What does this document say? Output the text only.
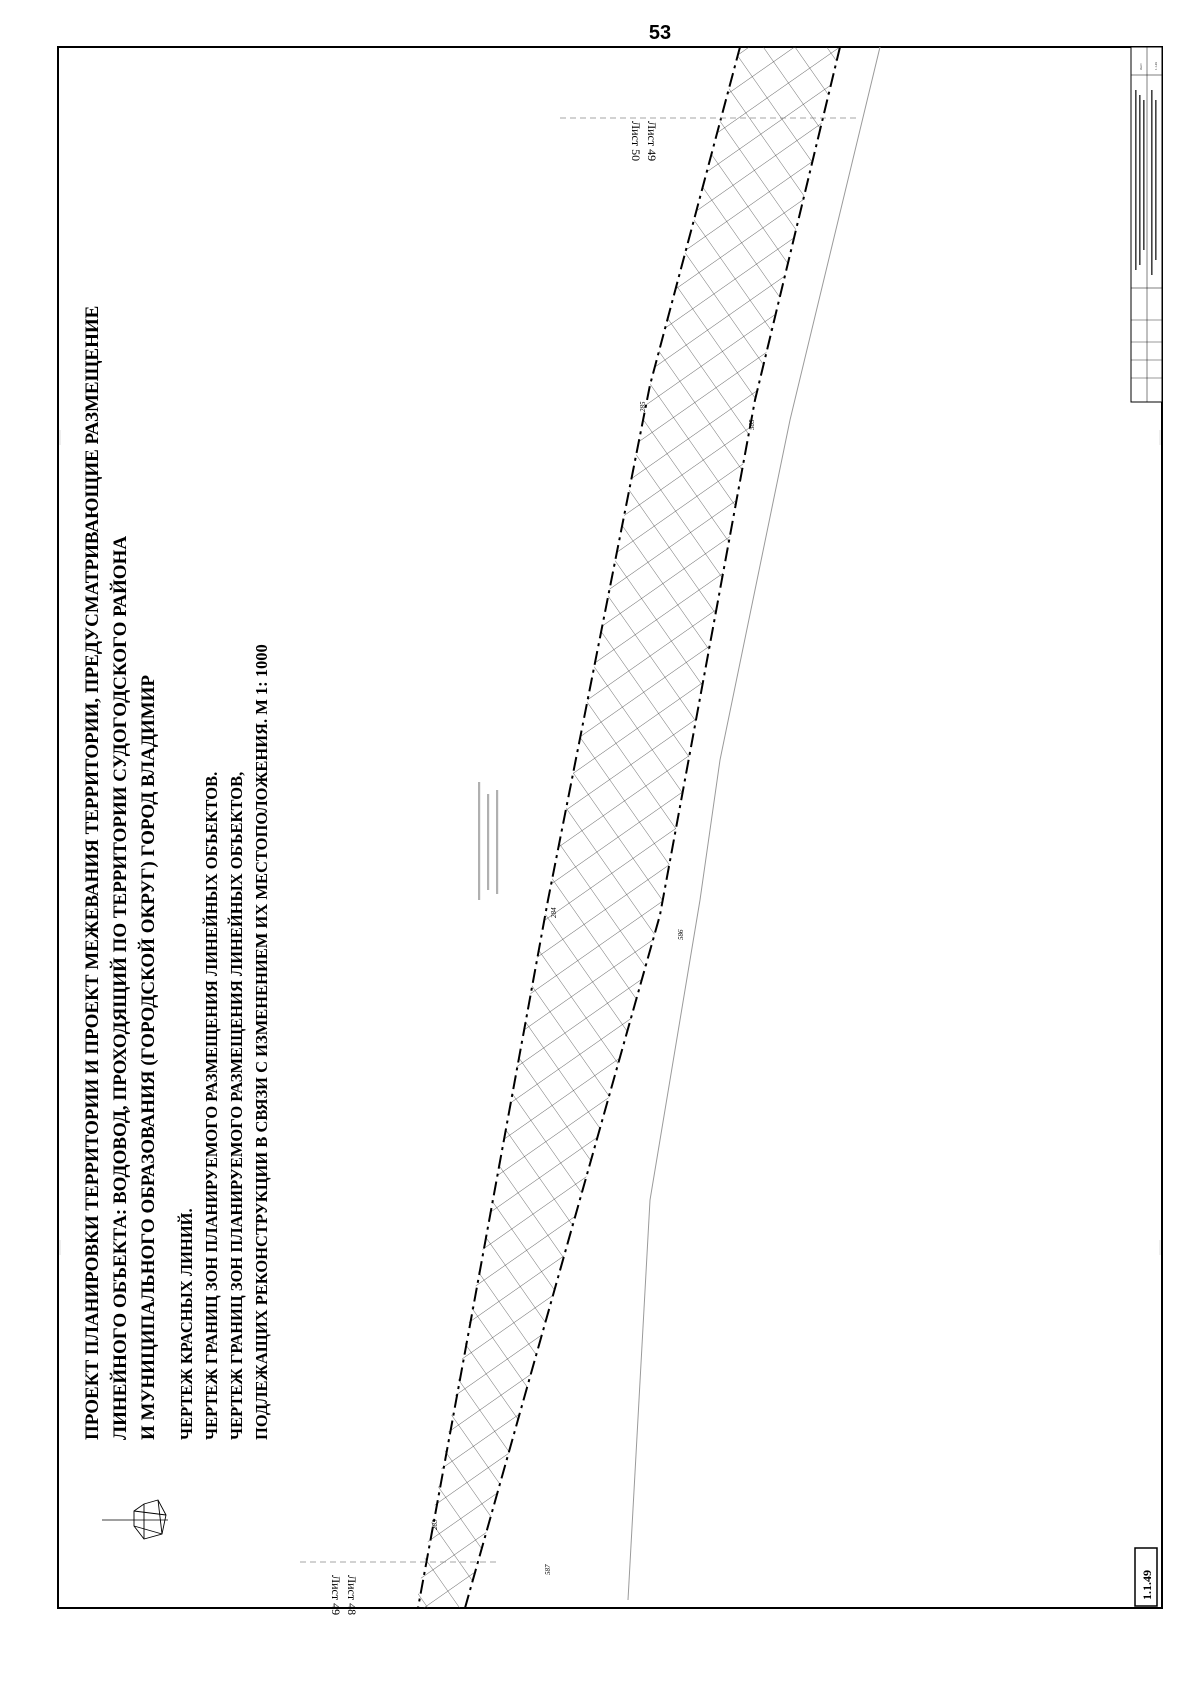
53
ПРОЕКТ ПЛАНИРОВКИ ТЕРРИТОРИИ И ПРОЕКТ МЕЖЕВАНИЯ ТЕРРИТОРИИ, ПРЕДУСМАТРИВАЮЩИЕ РАЗМЕЩЕНИЕ ЛИНЕЙНОГО ОБЪЕКТА: ВОДОВОД, ПРОХОДЯЩИЙ ПО ТЕРРИТОРИИ СУДОГОДСКОГО РАЙОНА И МУНИЦИПАЛЬНОГО ОБРАЗОВАНИЯ (ГОРОДСКОЙ ОКРУГ) ГОРОД ВЛАДИМИР ЧЕРТЕЖ КРАСНЫХ ЛИНИЙ. ЧЕРТЕЖ ГРАНИЦ ЗОН ПЛАНИРУЕМОГО РАЗМЕЩЕНИЯ ЛИНЕЙНЫХ ОБЪЕКТОВ. ЧЕРТЕЖ ГРАНИЦ ЗОН ПЛАНИРУЕМОГО РАЗМЕЩЕНИЯ ЛИНЕЙНЫХ ОБЪЕКТОВ, ПОДЛЕЖАЩИХ РЕКОНСТРУКЦИИ В СВЯЗИ С ИЗМЕНЕНИЕМ ИХ МЕСТОПОЛОЖЕНИЯ. М 1: 1000
Лист 48
Лист 49
Лист 49
Лист 50
283
284
285
587
586
585
1.1.49
Лист	1.1.49
